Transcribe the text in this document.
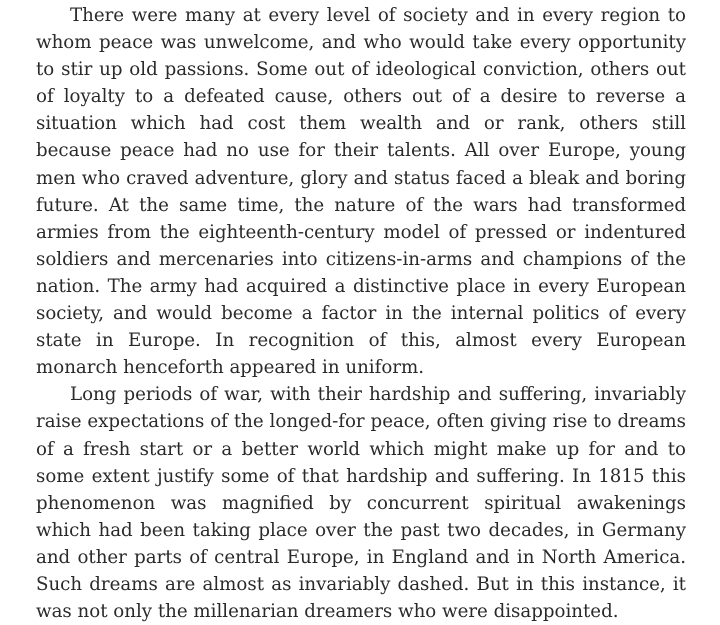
There were many at every level of society and in every region to whom peace was unwelcome, and who would take every opportunity to stir up old passions. Some out of ideological conviction, others out of loyalty to a defeated cause, others out of a desire to reverse a situation which had cost them wealth and or rank, others still because peace had no use for their talents. All over Europe, young men who craved adventure, glory and status faced a bleak and boring future. At the same time, the nature of the wars had transformed armies from the eighteenth-century model of pressed or indentured soldiers and mercenaries into citizens-in-arms and champions of the nation. The army had acquired a distinctive place in every European society, and would become a factor in the internal politics of every state in Europe. In recognition of this, almost every European monarch henceforth appeared in uniform.

Long periods of war, with their hardship and suffering, invariably raise expectations of the longed-for peace, often giving rise to dreams of a fresh start or a better world which might make up for and to some extent justify some of that hardship and suffering. In 1815 this phenomenon was magnified by concurrent spiritual awakenings which had been taking place over the past two decades, in Germany and other parts of central Europe, in England and in North America. Such dreams are almost as invariably dashed. But in this instance, it was not only the millenarian dreamers who were disappointed.
